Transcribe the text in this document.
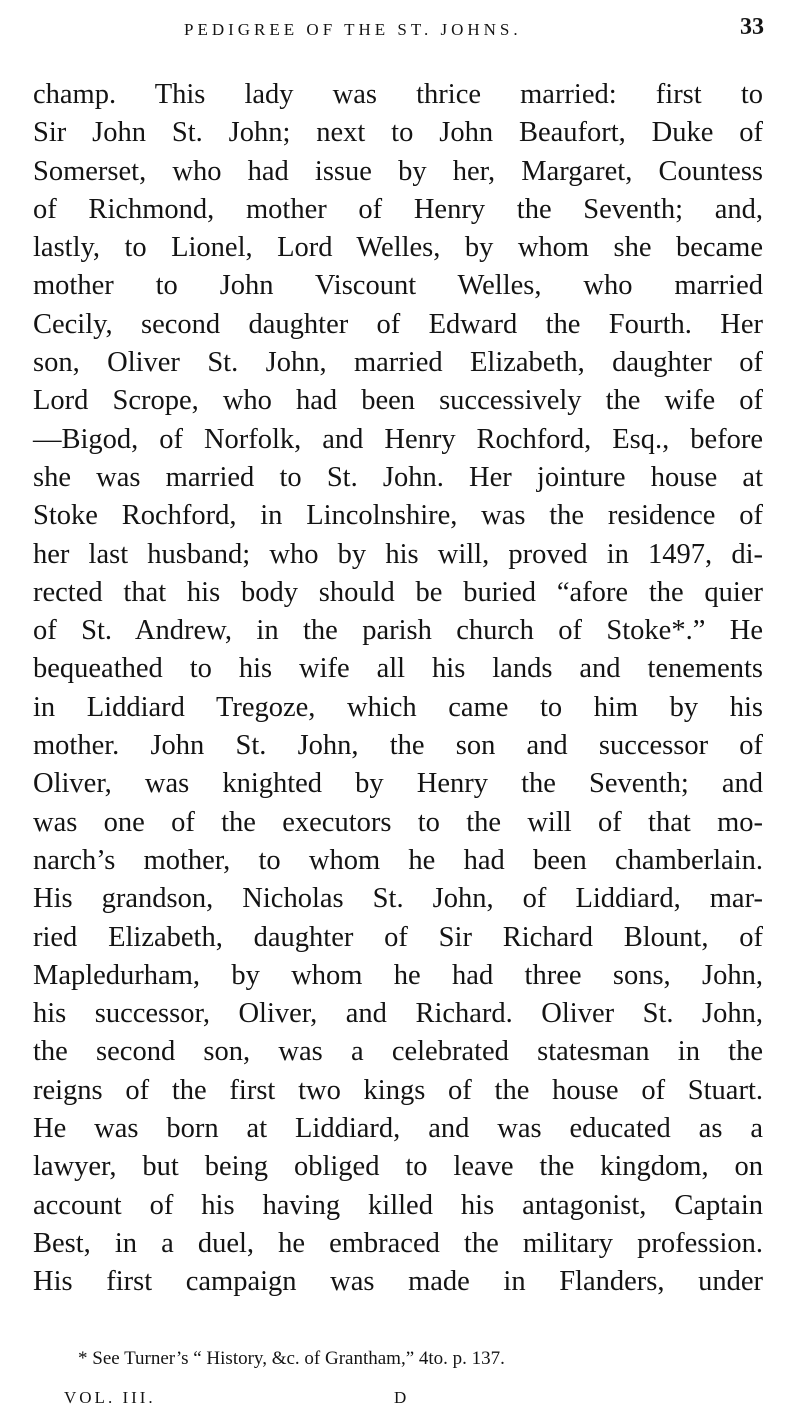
PEDIGREE OF THE ST. JOHNS.	33
champ. This lady was thrice married: first to
Sir John St. John; next to John Beaufort, Duke of
Somerset, who had issue by her, Margaret, Countess
of Richmond, mother of Henry the Seventh; and,
lastly, to Lionel, Lord Welles, by whom she became
mother to John Viscount Welles, who married
Cecily, second daughter of Edward the Fourth. Her
son, Oliver St. John, married Elizabeth, daughter of
Lord Scrope, who had been successively the wife of
—Bigod, of Norfolk, and Henry Rochford, Esq., before
she was married to St. John. Her jointure house at
Stoke Rochford, in Lincolnshire, was the residence of
her last husband; who by his will, proved in 1497, di-
rected that his body should be buried “afore the quier
of St. Andrew, in the parish church of Stoke*.” He
bequeathed to his wife all his lands and tenements
in Liddiard Tregoze, which came to him by his
mother. John St. John, the son and successor of
Oliver, was knighted by Henry the Seventh; and
was one of the executors to the will of that mo-
narch’s mother, to whom he had been chamberlain.
His grandson, Nicholas St. John, of Liddiard, mar-
ried Elizabeth, daughter of Sir Richard Blount, of
Mapledurham, by whom he had three sons, John,
his successor, Oliver, and Richard. Oliver St. John,
the second son, was a celebrated statesman in the
reigns of the first two kings of the house of Stuart.
He was born at Liddiard, and was educated as a
lawyer, but being obliged to leave the kingdom, on
account of his having killed his antagonist, Captain
Best, in a duel, he embraced the military profession.
His first campaign was made in Flanders, under
* See Turner’s “ History, &c. of Grantham,” 4to. p. 137.
VOL. III.	D
